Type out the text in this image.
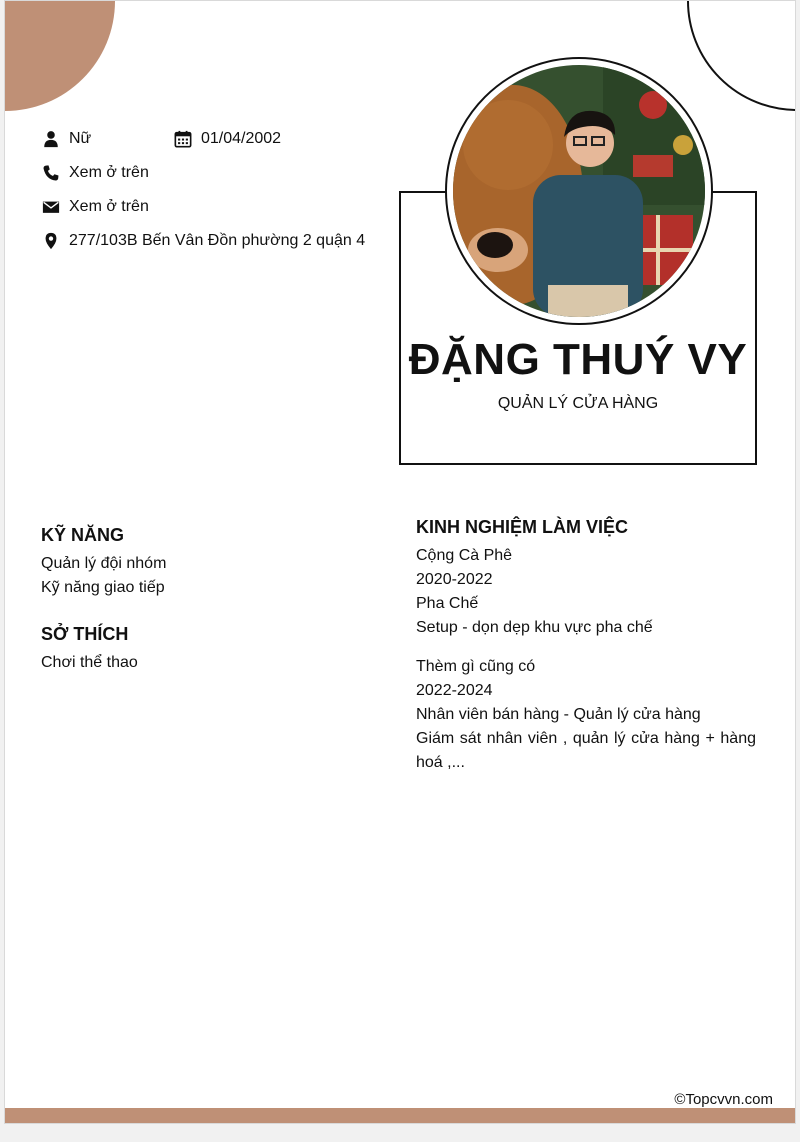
Nữ	01/04/2002
Xem ở trên
Xem ở trên
277/103B Bến Vân Đồn phường 2 quận 4
ĐẶNG THUÝ VY
QUẢN LÝ CỬA HÀNG
KỸ NĂNG
Quản lý đội nhóm
Kỹ năng giao tiếp
SỞ THÍCH
Chơi thể thao
KINH NGHIỆM LÀM VIỆC
Cộng Cà Phê
2020-2022
Pha Chế
Setup - dọn dẹp khu vực pha chế
Thèm gì cũng có
2022-2024
Nhân viên bán hàng - Quản lý cửa hàng
Giám sát nhân viên , quản lý cửa hàng + hàng hoá ,...
©Topcvvn.com
